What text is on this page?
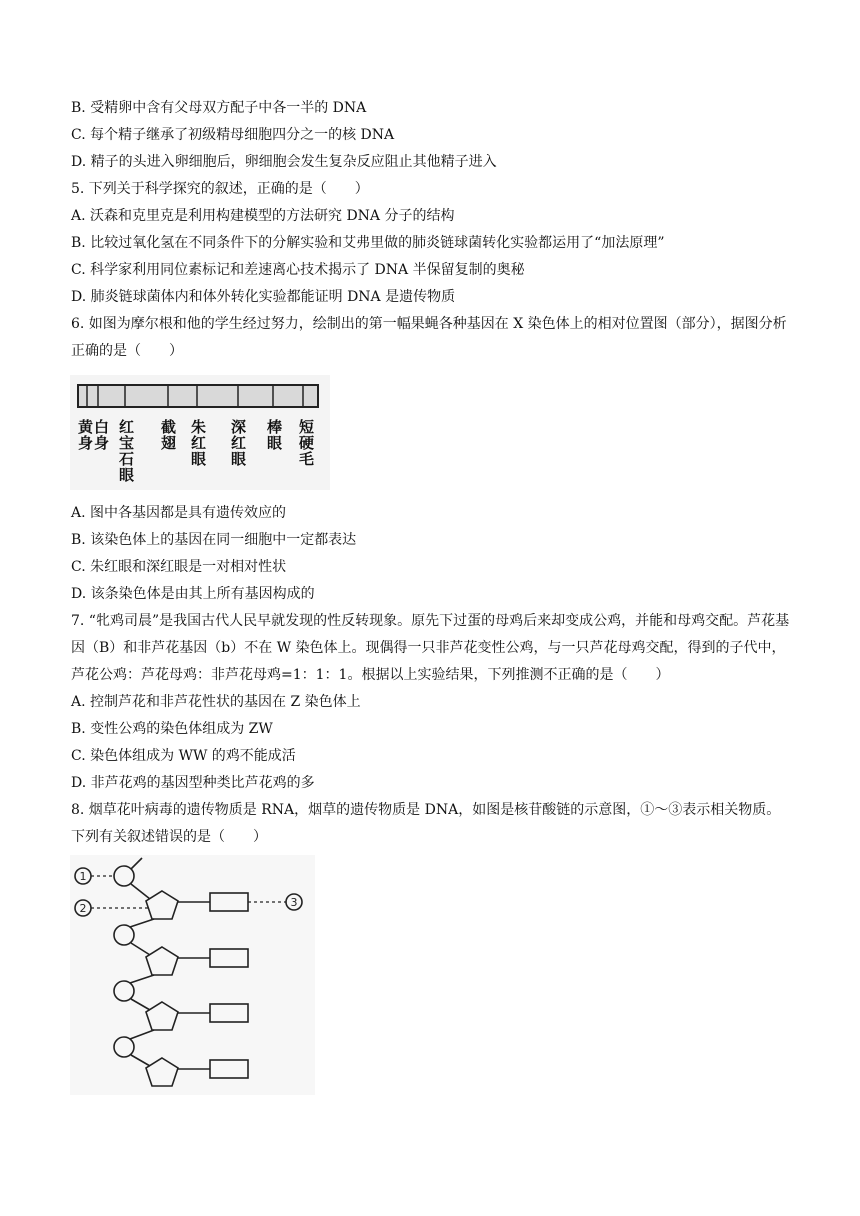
B. 受精卵中含有父母双方配子中各一半的 DNA
C. 每个精子继承了初级精母细胞四分之一的核 DNA
D. 精子的头进入卵细胞后，卵细胞会发生复杂反应阻止其他精子进入
5. 下列关于科学探究的叙述，正确的是（　　）
A. 沃森和克里克是利用构建模型的方法研究 DNA 分子的结构
B. 比较过氧化氢在不同条件下的分解实验和艾弗里做的肺炎链球菌转化实验都运用了“加法原理”
C. 科学家利用同位素标记和差速离心技术揭示了 DNA 半保留复制的奥秘
D. 肺炎链球菌体内和体外转化实验都能证明 DNA 是遗传物质
6. 如图为摩尔根和他的学生经过努力，绘制出的第一幅果蝇各种基因在 X 染色体上的相对位置图（部分），据图分析正确的是（　　）
黄身
白身 红宝石眼 截翅 朱红眼 深红眼 棒眼 短硬毛
A. 图中各基因都是具有遗传效应的
B. 该染色体上的基因在同一细胞中一定都表达
C. 朱红眼和深红眼是一对相对性状
D. 该条染色体是由其上所有基因构成的
7. “牝鸡司晨”是我国古代人民早就发现的性反转现象。原先下过蛋的母鸡后来却变成公鸡，并能和母鸡交配。芦花基因（B）和非芦花基因（b）不在 W 染色体上。现偶得一只非芦花变性公鸡，与一只芦花母鸡交配，得到的子代中，芦花公鸡：芦花母鸡：非芦花母鸡=1：1：1。根据以上实验结果，下列推测不正确的是（　　）
A. 控制芦花和非芦花性状的基因在 Z 染色体上
B. 变性公鸡的染色体组成为 ZW
C. 染色体组成为 WW 的鸡不能成活
D. 非芦花鸡的基因型种类比芦花鸡的多
8. 烟草花叶病毒的遗传物质是 RNA，烟草的遗传物质是 DNA，如图是核苷酸链的示意图，①～③表示相关物质。下列有关叙述错误的是（　　）
1
2	3
